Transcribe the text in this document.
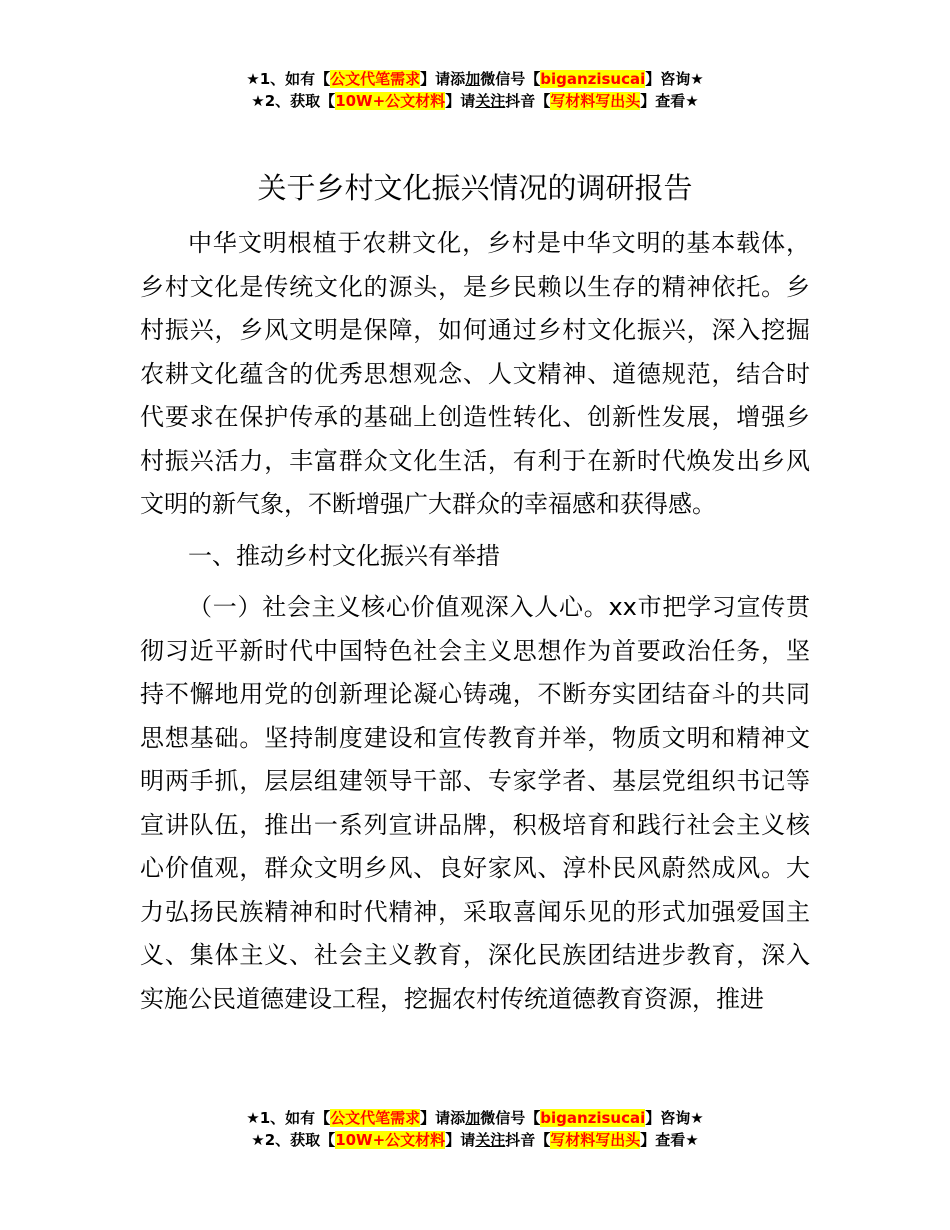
★1、如有【公文代笔需求】请添加微信号【biganzisucai】咨询★
★2、获取【10W+公文材料】请关注抖音【写材料写出头】查看★
关于乡村文化振兴情况的调研报告

中华文明根植于农耕文化，乡村是中华文明的基本载体，乡村文化是传统文化的源头，是乡民赖以生存的精神依托。乡村振兴，乡风文明是保障，如何通过乡村文化振兴，深入挖掘农耕文化蕴含的优秀思想观念、人文精神、道德规范，结合时代要求在保护传承的基础上创造性转化、创新性发展，增强乡村振兴活力，丰富群众文化生活，有利于在新时代焕发出乡风文明的新气象，不断增强广大群众的幸福感和获得感。

一、推动乡村文化振兴有举措

（一）社会主义核心价值观深入人心。xx市把学习宣传贯彻习近平新时代中国特色社会主义思想作为首要政治任务，坚持不懈地用党的创新理论凝心铸魂，不断夯实团结奋斗的共同思想基础。坚持制度建设和宣传教育并举，物质文明和精神文明两手抓，层层组建领导干部、专家学者、基层党组织书记等宣讲队伍，推出一系列宣讲品牌，积极培育和践行社会主义核心价值观，群众文明乡风、良好家风、淳朴民风蔚然成风。大力弘扬民族精神和时代精神，采取喜闻乐见的形式加强爱国主义、集体主义、社会主义教育，深化民族团结进步教育，深入实施公民道德建设工程，挖掘农村传统道德教育资源，推进

★1、如有【公文代笔需求】请添加微信号【biganzisucai】咨询★
★2、获取【10W+公文材料】请关注抖音【写材料写出头】查看★
